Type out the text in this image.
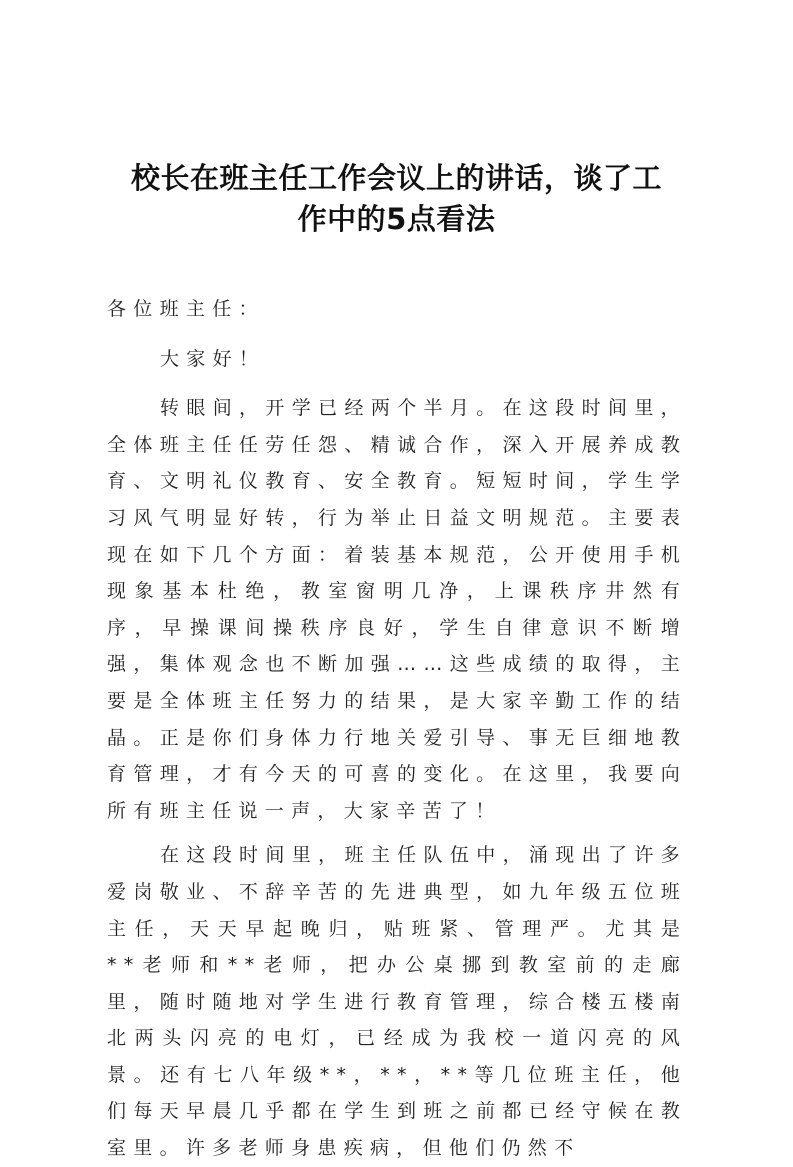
校长在班主任工作会议上的讲话，谈了工
作中的5点看法

各位班主任：

大家好！

转眼间，开学已经两个半月。在这段时间里，全体班主任任劳任怨、精诚合作，深入开展养成教育、文明礼仪教育、安全教育。短短时间，学生学习风气明显好转，行为举止日益文明规范。主要表现在如下几个方面：着装基本规范，公开使用手机现象基本杜绝，教室窗明几净，上课秩序井然有序，早操课间操秩序良好，学生自律意识不断增强，集体观念也不断加强……这些成绩的取得，主要是全体班主任努力的结果，是大家辛勤工作的结晶。正是你们身体力行地关爱引导、事无巨细地教育管理，才有今天的可喜的变化。在这里，我要向所有班主任说一声，大家辛苦了！

在这段时间里，班主任队伍中，涌现出了许多爱岗敬业、不辞辛苦的先进典型，如九年级五位班主任，天天早起晚归，贴班紧、管理严。尤其是**老师和**老师，把办公桌挪到教室前的走廊里，随时随地对学生进行教育管理，综合楼五楼南北两头闪亮的电灯，已经成为我校一道闪亮的风景。还有七八年级**，**，**等几位班主任，他们每天早晨几乎都在学生到班之前都已经守候在教室里。许多老师身患疾病，但他们仍然不
